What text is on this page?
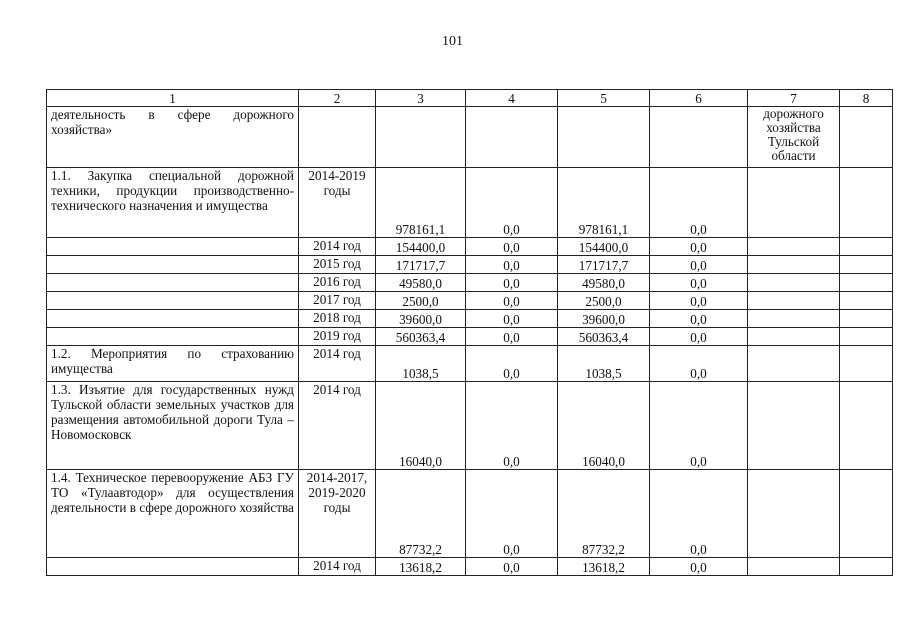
101
1	2	3	4	5	6	7	8
деятельность в сфере дорожного хозяйства»						дорожного хозяйства Тульской области	
1.1. Закупка специальной дорожной техники, продукции производственно-технического назначения и имущества	2014-2019 годы	978161,1	0,0	978161,1	0,0		
	2014 год	154400,0	0,0	154400,0	0,0		
	2015 год	171717,7	0,0	171717,7	0,0		
	2016 год	49580,0	0,0	49580,0	0,0		
	2017 год	2500,0	0,0	2500,0	0,0		
	2018 год	39600,0	0,0	39600,0	0,0		
	2019 год	560363,4	0,0	560363,4	0,0		
1.2. Мероприятия по страхованию имущества	2014 год	1038,5	0,0	1038,5	0,0		
1.3. Изъятие для государственных нужд Тульской области земельных участков для размещения автомобильной дороги Тула – Новомосковск	2014 год	16040,0	0,0	16040,0	0,0		
1.4. Техническое перевооружение АБЗ ГУ ТО «Тулаавтодор» для осуществления деятельности в сфере дорожного хозяйства	2014-2017, 2019-2020 годы	87732,2	0,0	87732,2	0,0		
	2014 год	13618,2	0,0	13618,2	0,0		
